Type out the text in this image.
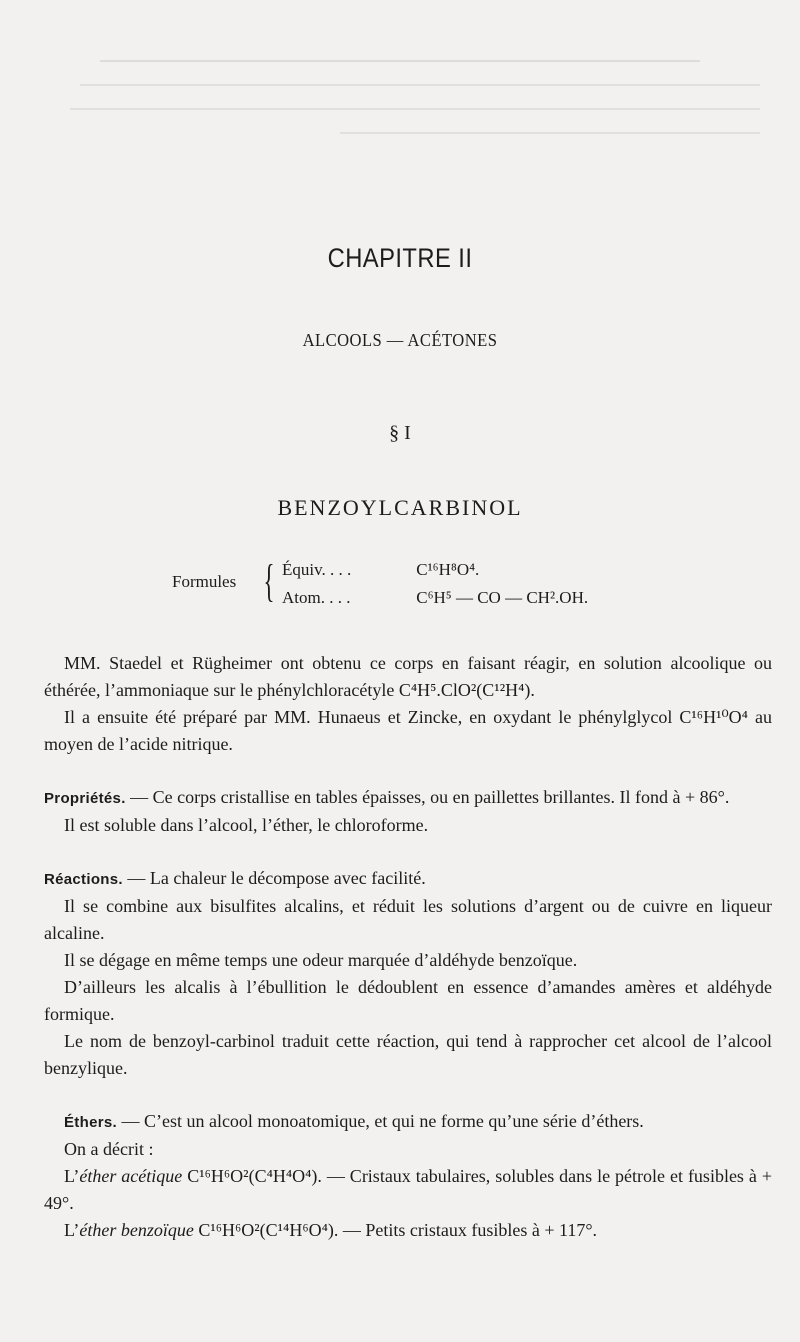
CHAPITRE II
ALCOOLS — ACÉTONES
§ I
BENZOYLCARBINOL
Formules { Équiv. . . .	C¹⁶H⁸O⁴.
Atom. . . .	C⁶H⁵ — CO — CH².OH.

MM. Staedel et Rügheimer ont obtenu ce corps en faisant réagir, en solution alcoolique ou éthérée, l’ammoniaque sur le phénylchloracétyle C⁴H⁵.ClO²(C¹²H⁴).

Il a ensuite été préparé par MM. Hunaeus et Zincke, en oxydant le phénylglycol C¹⁶H¹⁰O⁴ au moyen de l’acide nitrique.

Propriétés. — Ce corps cristallise en tables épaisses, ou en paillettes brillantes. Il fond à + 86°.

Il est soluble dans l’alcool, l’éther, le chloroforme.

Réactions. — La chaleur le décompose avec facilité.

Il se combine aux bisulfites alcalins, et réduit les solutions d’argent ou de cuivre en liqueur alcaline.

Il se dégage en même temps une odeur marquée d’aldéhyde benzoïque.

D’ailleurs les alcalis à l’ébullition le dédoublent en essence d’amandes amères et aldéhyde formique.

Le nom de benzoyl-carbinol traduit cette réaction, qui tend à rapprocher cet alcool de l’alcool benzylique.

Éthers. — C’est un alcool monoatomique, et qui ne forme qu’une série d’éthers.

On a décrit :

L’éther acétique C¹⁶H⁶O²(C⁴H⁴O⁴). — Cristaux tabulaires, solubles dans le pétrole et fusibles à + 49°.

L’éther benzoïque C¹⁶H⁶O²(C¹⁴H⁶O⁴). — Petits cristaux fusibles à + 117°.
